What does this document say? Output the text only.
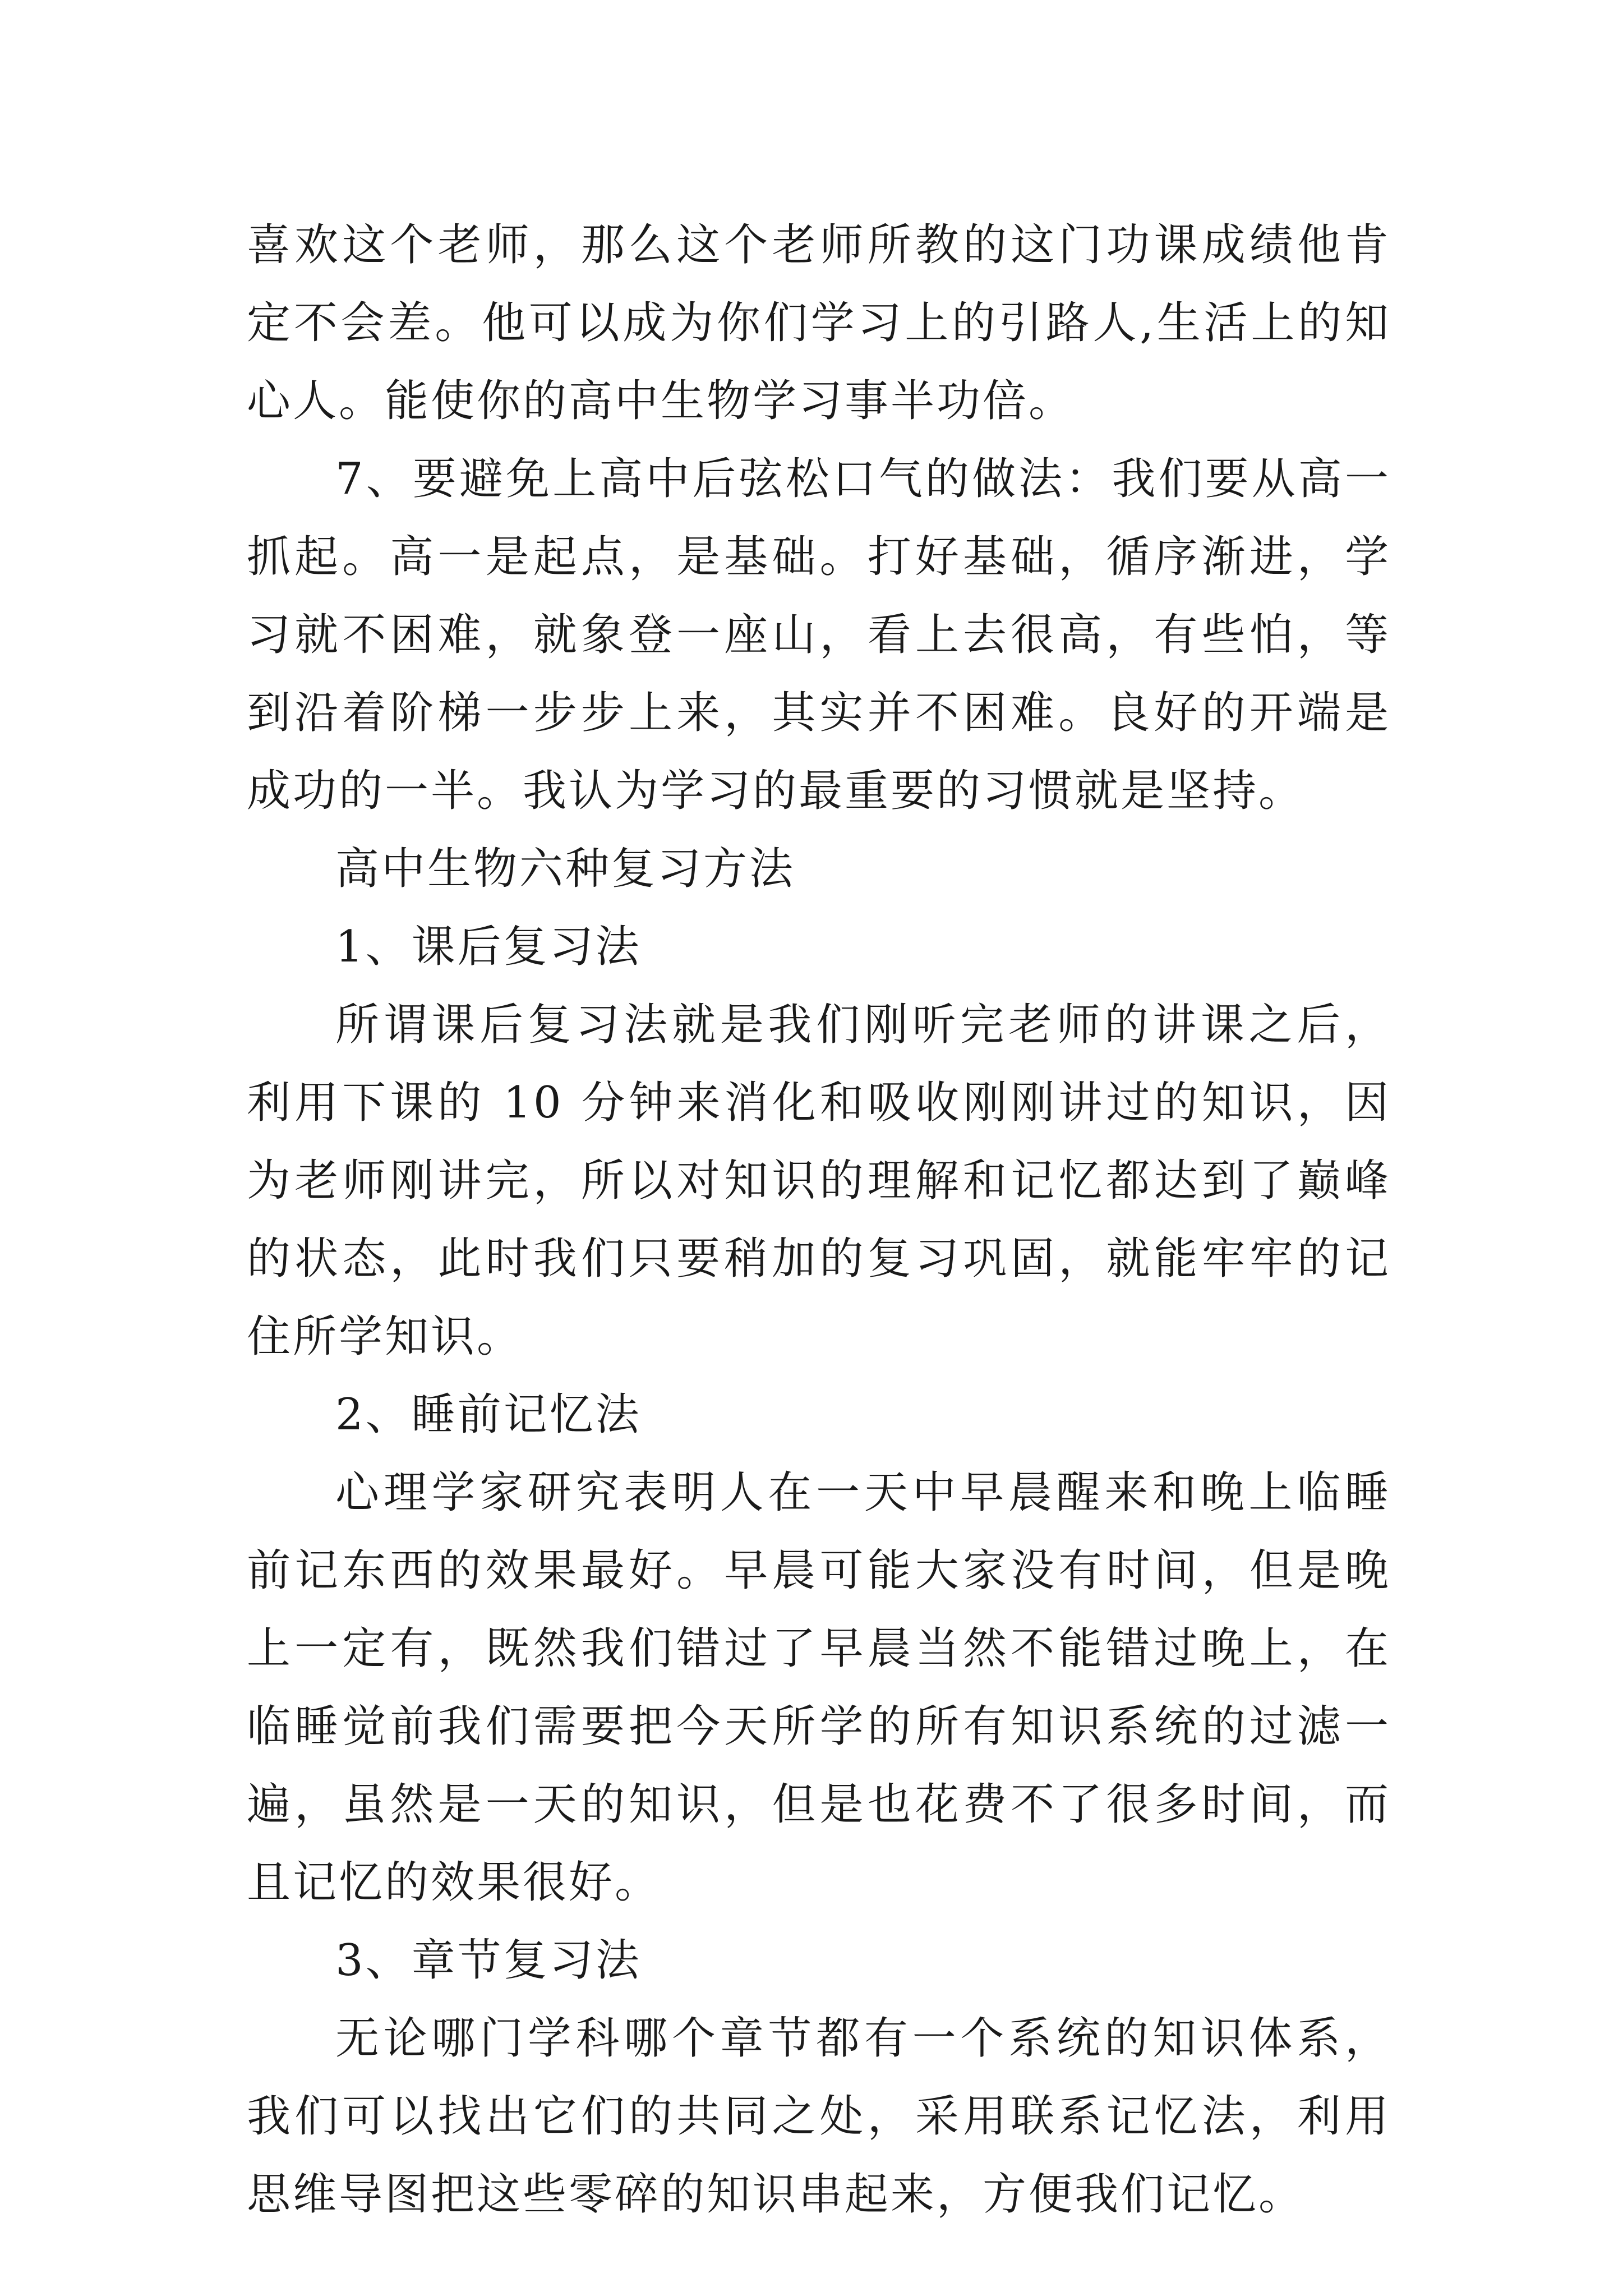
喜欢这个老师，那么这个老师所教的这门功课成绩他肯定不会差。他可以成为你们学习上的引路人,生活上的知心人。能使你的高中生物学习事半功倍。

7、要避免上高中后弦松口气的做法：我们要从高一抓起。高一是起点，是基础。打好基础，循序渐进，学习就不困难，就象登一座山，看上去很高，有些怕，等到沿着阶梯一步步上来，其实并不困难。良好的开端是成功的一半。我认为学习的最重要的习惯就是坚持。

高中生物六种复习方法

1、课后复习法

所谓课后复习法就是我们刚听完老师的讲课之后，利用下课的 10 分钟来消化和吸收刚刚讲过的知识，因为老师刚讲完，所以对知识的理解和记忆都达到了巅峰的状态，此时我们只要稍加的复习巩固，就能牢牢的记住所学知识。

2、睡前记忆法

心理学家研究表明人在一天中早晨醒来和晚上临睡前记东西的效果最好。早晨可能大家没有时间，但是晚上一定有，既然我们错过了早晨当然不能错过晚上，在临睡觉前我们需要把今天所学的所有知识系统的过滤一遍，虽然是一天的知识，但是也花费不了很多时间，而且记忆的效果很好。

3、章节复习法

无论哪门学科哪个章节都有一个系统的知识体系，我们可以找出它们的共同之处，采用联系记忆法，利用思维导图把这些零碎的知识串起来，方便我们记忆。
